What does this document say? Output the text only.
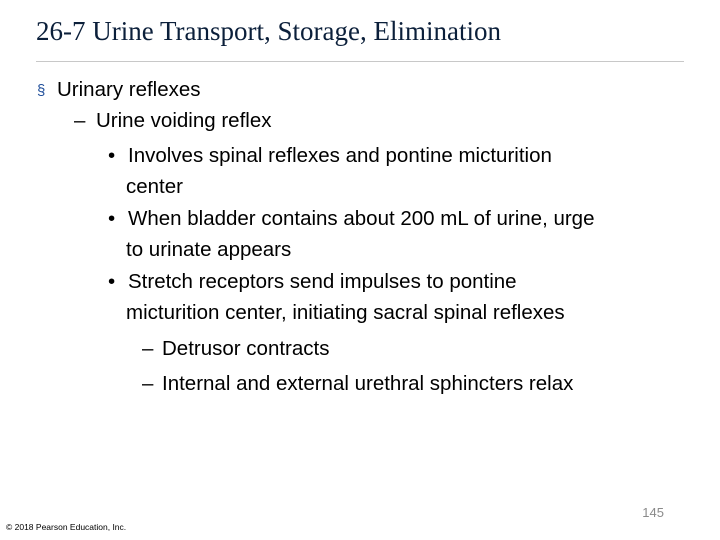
26-7 Urine Transport, Storage, Elimination
§ Urinary reflexes
– Urine voiding reflex
• Involves spinal reflexes and pontine micturition
center
• When bladder contains about 200 mL of urine, urge
to urinate appears
• Stretch receptors send impulses to pontine
micturition center, initiating sacral spinal reflexes
– Detrusor contracts
– Internal and external urethral sphincters relax
145
© 2018 Pearson Education, Inc.
